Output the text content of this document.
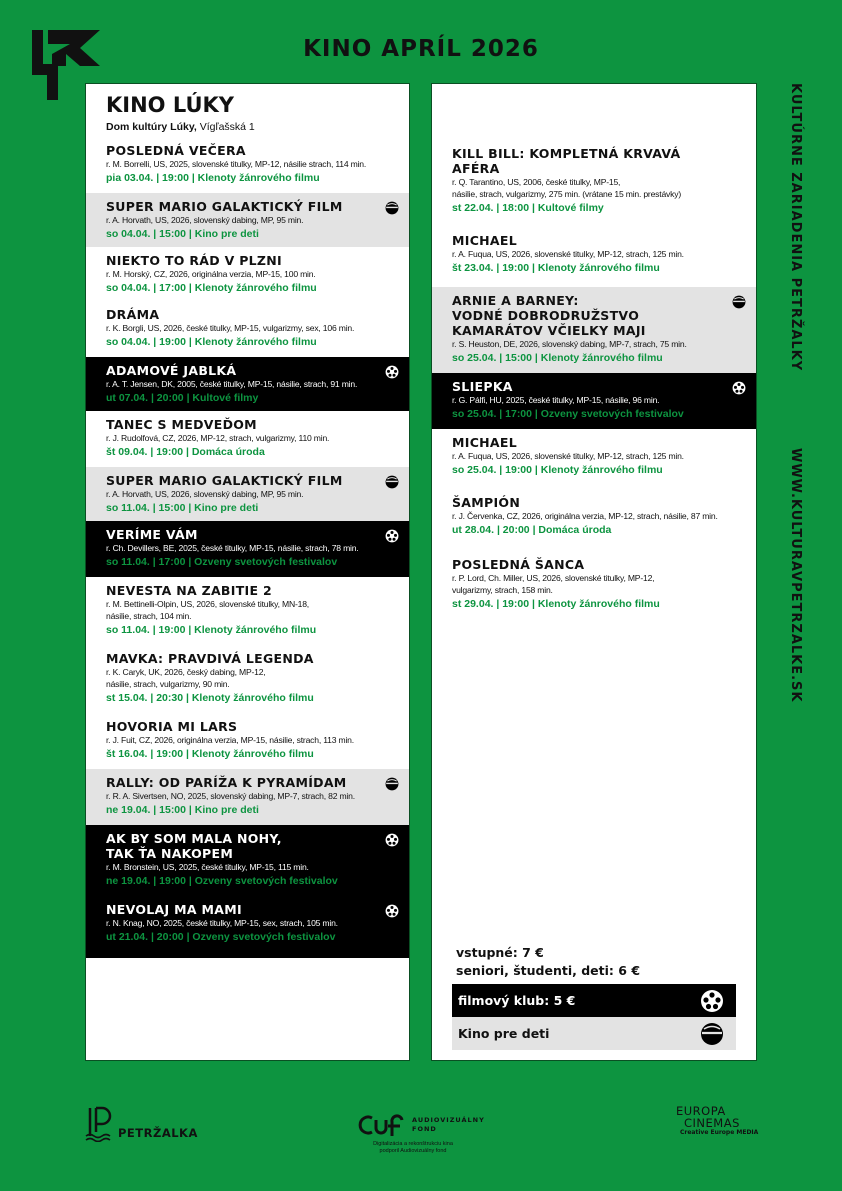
KINO APRÍL 2026
KINO LÚKY
Dom kultúry Lúky, Vígľašská 1
POSLEDNÁ VEČERA
r. M. Borrelli, US, 2025, slovenské titulky, MP-12, násilie strach, 114 min.
pia 03.04. | 19:00 | Klenoty žánrového filmu
SUPER MARIO GALAKTICKÝ FILM
r. A. Horvath, US, 2026, slovenský dabing, MP, 95 min.
so 04.04. | 15:00 | Kino pre deti
NIEKTO TO RÁD V PLZNI
r. M. Horský, CZ, 2026, originálna verzia, MP-15, 100 min.
so 04.04. | 17:00 | Klenoty žánrového filmu
DRÁMA
r. K. Borgli, US, 2026, české titulky, MP-15, vulgarizmy, sex, 106 min.
so 04.04. | 19:00 | Klenoty žánrového filmu
ADAMOVÉ JABLKÁ
r. A. T. Jensen, DK, 2005, české titulky, MP-15, násilie, strach, 91 min.
ut 07.04. | 20:00 | Kultové filmy
TANEC S MEDVEĎOM
r. J. Rudolfová, CZ, 2026, MP-12, strach, vulgarizmy, 110 min.
št 09.04. | 19:00 | Domáca úroda
SUPER MARIO GALAKTICKÝ FILM
r. A. Horvath, US, 2026, slovenský dabing, MP, 95 min.
so 11.04. | 15:00 | Kino pre deti
VERÍME VÁM
r. Ch. Devillers, BE, 2025, české titulky, MP-15, násilie, strach, 78 min.
so 11.04. | 17:00 | Ozveny svetových festivalov
NEVESTA NA ZABITIE 2
r. M. Bettinelli-Olpin, US, 2026, slovenské titulky, MN-18,
násilie, strach, 104 min.
so 11.04. | 19:00 | Klenoty žánrového filmu
MAVKA: PRAVDIVÁ LEGENDA
r. K. Caryk, UK, 2026, český dabing, MP-12,
násilie, strach, vulgarizmy, 90 min.
st 15.04. | 20:30 | Klenoty žánrového filmu
HOVORIA MI LARS
r. J. Fuit, CZ, 2026, originálna verzia, MP-15, násilie, strach, 113 min.
št 16.04. | 19:00 | Klenoty žánrového filmu
RALLY: OD PARÍŽA K PYRAMÍDAM
r. R. A. Sivertsen, NO, 2025, slovenský dabing, MP-7, strach, 82 min.
ne 19.04. | 15:00 | Kino pre deti
AK BY SOM MALA NOHY,
TAK ŤA NAKOPEM
r. M. Bronstein, US, 2025, české titulky, MP-15, 115 min.
ne 19.04. | 19:00 | Ozveny svetových festivalov
NEVOLAJ MA MAMI
r. N. Knag, NO, 2025, české titulky, MP-15, sex, strach, 105 min.
ut 21.04. | 20:00 | Ozveny svetových festivalov
KILL BILL: KOMPLETNÁ KRVAVÁ AFÉRA
r. Q. Tarantino, US, 2006, české titulky, MP-15,
násilie, strach, vulgarizmy, 275 min. (vrátane 15 min. prestávky)
st 22.04. | 18:00 | Kultové filmy
MICHAEL
r. A. Fuqua, US, 2026, slovenské titulky, MP-12, strach, 125 min.
št 23.04. | 19:00 | Klenoty žánrového filmu
ARNIE A BARNEY:
VODNÉ DOBRODRUŽSTVO
KAMARÁTOV VČIELKY MAJI
r. S. Heuston, DE, 2026, slovenský dabing, MP-7, strach, 75 min.
so 25.04. | 15:00 | Klenoty žánrového filmu
SLIEPKA
r. G. Pálfi, HU, 2025, české titulky, MP-15, násilie, 96 min.
so 25.04. | 17:00 | Ozveny svetových festivalov
MICHAEL
r. A. Fuqua, US, 2026, slovenské titulky, MP-12, strach, 125 min.
so 25.04. | 19:00 | Klenoty žánrového filmu
ŠAMPIÓN
r. J. Červenka, CZ, 2026, originálna verzia, MP-12, strach, násilie, 87 min.
ut 28.04. | 20:00 | Domáca úroda
POSLEDNÁ ŠANCA
r. P. Lord, Ch. Miller, US, 2026, slovenské titulky, MP-12,
vulgarizmy, strach, 158 min.
st 29.04. | 19:00 | Klenoty žánrového filmu
vstupné: 7 €
seniori, študenti, deti: 6 €
filmový klub: 5 €
Kino pre deti
KULTÚRNE ZARIADENIA PETRŽALKY
WWW.KULTURAVPETRZALKE.SK
PETRŽALKA
AUDIOVIZUÁLNY
FOND
Digitalizácia a rekonštrukciu kina
podporil Audiovizuálny fond
EUROPA
CINEMAS
Creative Europe MEDIA
